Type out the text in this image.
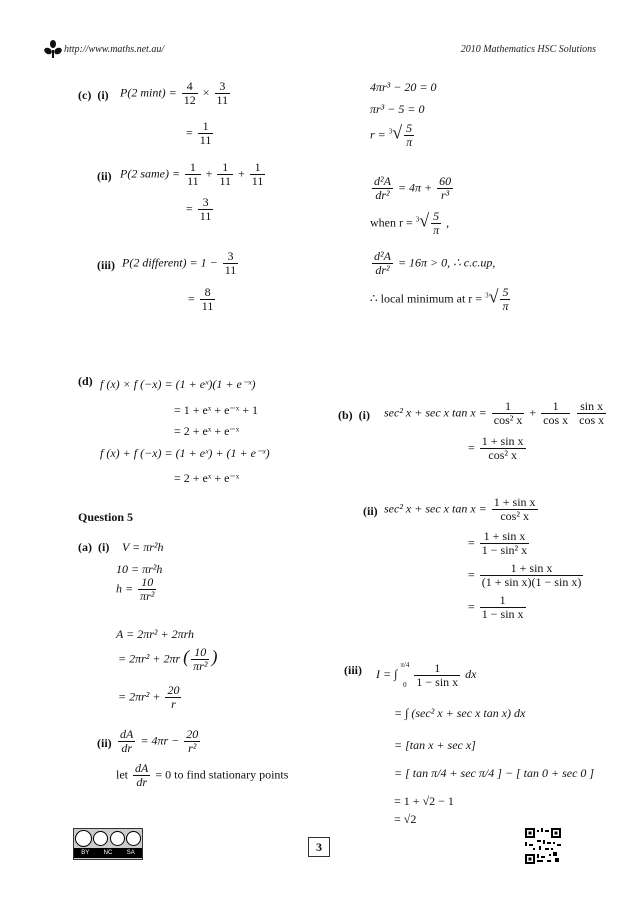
http://www.maths.net.au/	2010 Mathematics HSC Solutions
(c) (i) P(2 $\min t) = \frac{4}{12} \times \frac{3}{11}$
= $\frac{1}{11}$
(ii) P(2 same) = $\frac{1}{11} + \frac{1}{11} + \frac{1}{11}$
= $\frac{3}{11}$
(iii) P(2 different) = $1 - \frac{3}{11}$
= $\frac{8}{11}$
(d) f (x) × f (−x) = (1 + eˣ)(1 + e⁻ˣ)
= 1 + eˣ + e⁻ˣ + 1
= 2 + eˣ + e⁻ˣ
f (x) + f (−x) = (1 + eˣ) + (1 + e⁻ˣ)
= 2 + eˣ + e⁻ˣ
Question 5
(a) (i) V = πr²h
10 = πr²h
$h = \frac{10}{\text{πr²}}$
A = 2πr² + 2πrh
= 2πr² + 2πr ( $\frac{10}{\text{πr²}}$ )
= $2\pi r^2 + \frac{20}{r}$
$(ii) \frac{dA}{dr} = 4\pi r - \frac{20}{\text{r²}}$
let $\frac{dA}{dr} = 0$ to find stationary points
4πr³ − 20 = 0
πr³ − 5 = 0
$r = ^3√ \frac{5}{\pi}$
$\frac{\text{d²A}}{\text{dr²}} = 4\pi + \frac{60}{\text{r³}}$
when $r = ^3√ \frac{5}{\pi}$ ,
$\frac{\text{d²A}}{\text{dr²}} = 16\pi > 0$, ∴ c.c.up,
∴ local minimum at $r = ^3√ \frac{5}{\pi}$
(b) (i) sec² x + sec x $\tan x = \frac{1}{\text{cos² x}} + \frac{1}{\text{cos x}}$
$\frac{\text{sin x}}{\text{cos x}}$
= $\frac{\text{1 + sin x}}{\text{cos² x}}$
(ii) sec² x + sec x $\tan x = \frac{\text{1 + sin x}}{\text{cos² x}}$
= $\frac{\text{1 + sin x}}{\text{1 − sin² x}}$
= $\frac{\text{1 + sin x}}{\text{(1 + sin x)(1 − sin x)}}$
= $\frac{1}{\text{1 − sin x}}$
(iii) I = ∫
π/4
0
$\frac{1}{\text{1 − sin x}}$ dx
= ∫ (sec² x + sec x tan x) dx
= [tan x + sec x]
= [ tan π/4 + sec π/4 ] − [ tan 0 + sec 0 ]
= 1 + √2 − 1
= √2
BY NC SA	3
